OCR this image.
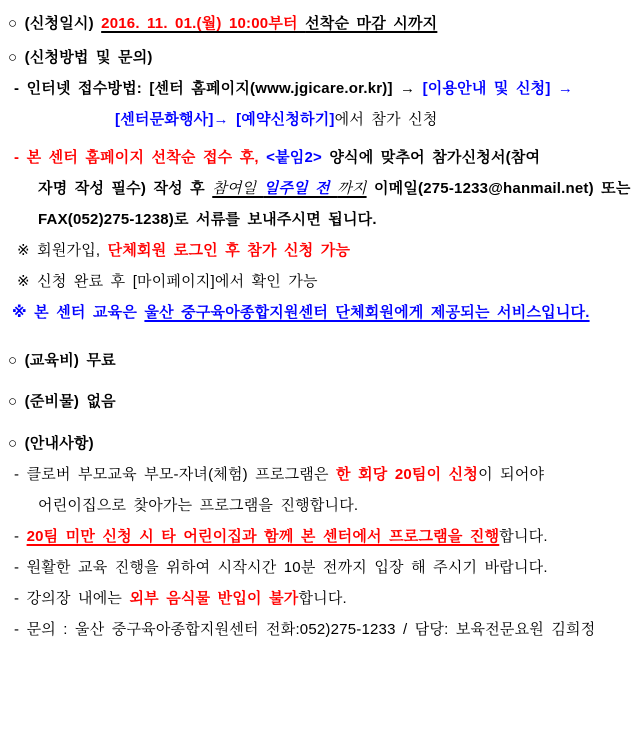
○ (신청일시) 2016. 11. 01.(월) 10:00부터 선착순 마감 시까지
○ (신청방법 및 문의)
- 인터넷 접수방법: [센터 홈페이지(www.jgicare.or.kr)] → [이용안내 및 신청] →
[센터문화행사]→ [예약신청하기]에서 참가 신청
- 본 센터 홈페이지 선착순 접수 후, <붙임2> 양식에 맞추어 참가신청서(참여
자명 작성 필수) 작성 후 참여일 일주일 전 까지 이메일(275-1233@hanmail.net) 또는
FAX(052)275-1238)로 서류를 보내주시면 됩니다.
※ 회원가입, 단체회원 로그인 후 참가 신청 가능
※ 신청 완료 후 [마이페이지]에서 확인 가능
※ 본 센터 교육은 울산 중구육아종합지원센터 단체회원에게 제공되는 서비스입니다.
○ (교육비) 무료
○ (준비물) 없음
○ (안내사항)
- 클로버 부모교육 부모-자녀(체험) 프로그램은 한 회당 20팀이 신청이 되어야
어린이집으로 찾아가는 프로그램을 진행합니다.
- 20팀 미만 신청 시 타 어린이집과 함께 본 센터에서 프로그램을 진행합니다.
- 원활한 교육 진행을 위하여 시작시간 10분 전까지 입장 해 주시기 바랍니다.
- 강의장 내에는 외부 음식물 반입이 불가합니다.
- 문의 : 울산 중구육아종합지원센터 전화:052)275-1233 / 담당: 보육전문요원 김희정
